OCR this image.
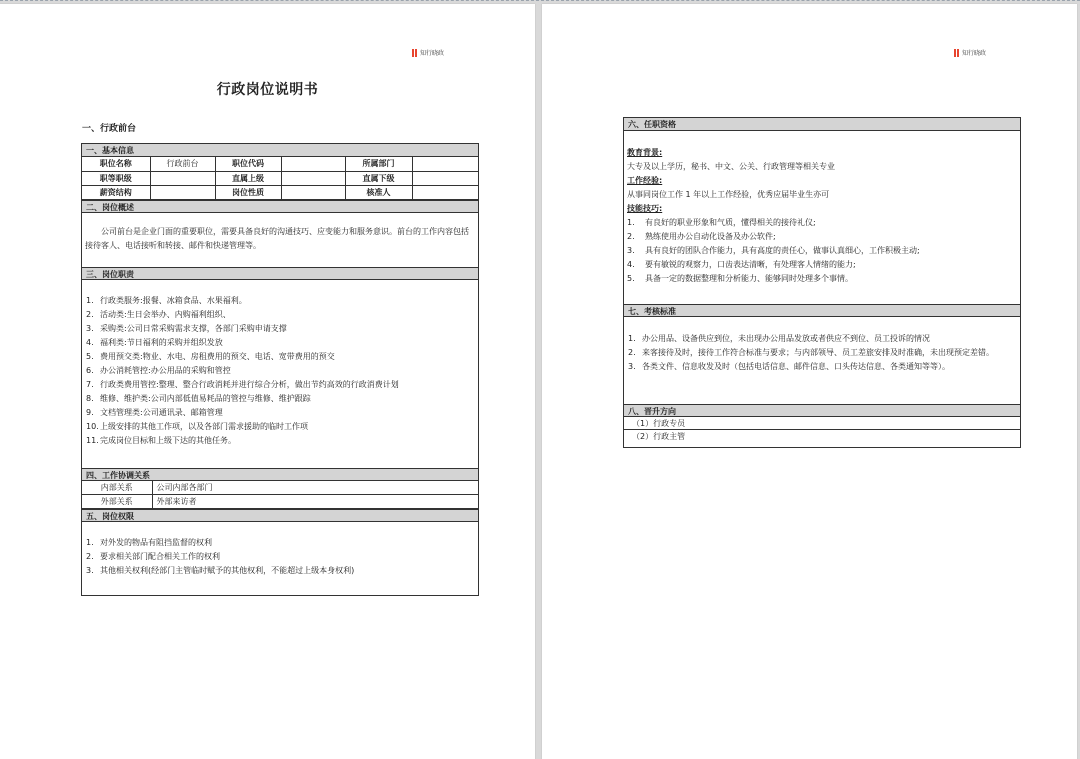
知行晓政
行政岗位说明书
一、行政前台
一、基本信息
职位名称	行政前台	职位代码		所属部门	
职等职级		直属上级		直属下级	
薪资结构		岗位性质		核准人	
二、岗位概述
公司前台是企业门面的重要职位，需要具备良好的沟通技巧、应变能力和服务意识。前台的工作内容包括接待客人、电话接听和转接、邮件和快递管理等。
三、岗位职责
1. 行政类服务:报餐、冰箱食品、水果福利。
2. 活动类:生日会举办、内购福利组织、
3. 采购类:公司日常采购需求支撑，各部门采购申请支撑
4. 福利类:节日福利的采购并组织发放
5. 费用预交类:物业、水电、房租费用的预交、电话、宽带费用的预交
6. 办公消耗管控:办公用品的采购和管控
7. 行政类费用管控:整理、整合行政消耗并进行综合分析，做出节约高效的行政消费计划
8. 维修、维护类:公司内部低值易耗品的管控与维修、维护跟踪
9. 文档管理类:公司通讯录、邮箱管理
10. 上级安排的其他工作项，以及各部门需求援助的临时工作项
11. 完成岗位目标和上级下达的其他任务。
四、工作协调关系
内部关系	公司内部各部门
外部关系	外部来访者
五、岗位权限
1. 对外发的物品有阻挡监督的权利
2. 要求相关部门配合相关工作的权利
3. 其他相关权利(经部门主管临时赋予的其他权利，不能超过上级本身权利)
知行晓政
六、任职资格
教育背景:
大专及以上学历，秘书、中文、公关、行政管理等相关专业
工作经验:
从事同岗位工作 1 年以上工作经验，优秀应届毕业生亦可
技能技巧:
1.	有良好的职业形象和气质，懂得相关的接待礼仪;
2.	熟练使用办公自动化设备及办公软件;
3.	具有良好的团队合作能力，具有高度的责任心，做事认真细心，工作积极主动;
4.	要有敏锐的观察力，口齿表达清晰，有处理客人情绪的能力;
5.	具备一定的数据整理和分析能力、能够同时处理多个事情。
七、考核标准
1. 办公用品、设备供应到位，未出现办公用品发放或者供应不到位、员工投诉的情况
2. 来客接待及时，接待工作符合标准与要求；与内部领导、员工差旅安排及时准确，未出现预定差错。
3. 各类文件、信息收发及时（包括电话信息、邮件信息、口头传达信息、各类通知等等）。
八、晋升方向
（1）行政专员
（2）行政主管
